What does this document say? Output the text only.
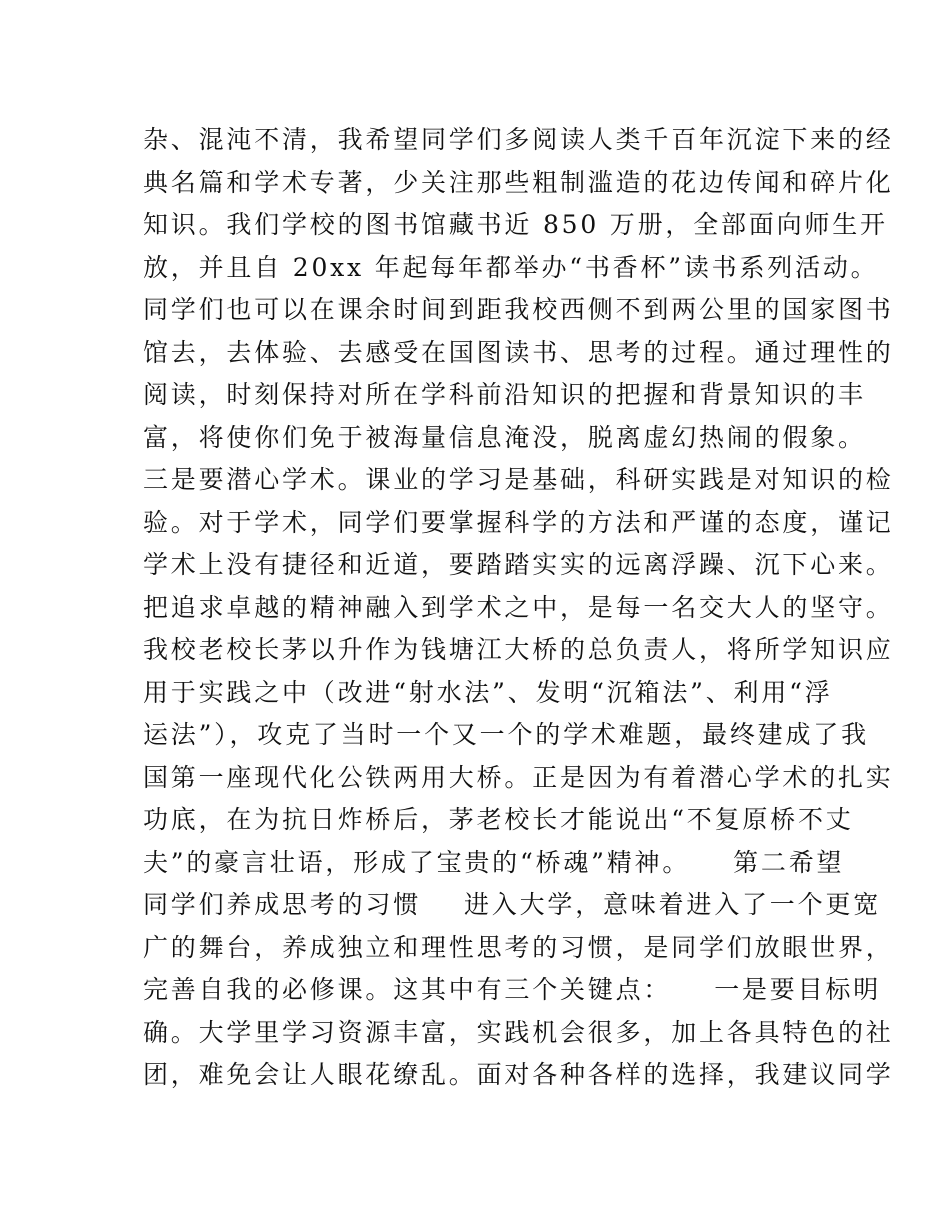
杂、混沌不清，我希望同学们多阅读人类千百年沉淀下来的经
典名篇和学术专著，少关注那些粗制滥造的花边传闻和碎片化
知识。我们学校的图书馆藏书近 850 万册，全部面向师生开
放，并且自 20xx 年起每年都举办“书香杯”读书系列活动。
同学们也可以在课余时间到距我校西侧不到两公里的国家图书
馆去，去体验、去感受在国图读书、思考的过程。通过理性的
阅读，时刻保持对所在学科前沿知识的把握和背景知识的丰
富，将使你们免于被海量信息淹没，脱离虚幻热闹的假象。
三是要潜心学术。课业的学习是基础，科研实践是对知识的检
验。对于学术，同学们要掌握科学的方法和严谨的态度，谨记
学术上没有捷径和近道，要踏踏实实的远离浮躁、沉下心来。
把追求卓越的精神融入到学术之中，是每一名交大人的坚守。
我校老校长茅以升作为钱塘江大桥的总负责人，将所学知识应
用于实践之中（改进“射水法”、发明“沉箱法”、利用“浮
运法”），攻克了当时一个又一个的学术难题，最终建成了我
国第一座现代化公铁两用大桥。正是因为有着潜心学术的扎实
功底，在为抗日炸桥后，茅老校长才能说出“不复原桥不丈
夫”的豪言壮语，形成了宝贵的“桥魂”精神。    第二希望
同学们养成思考的习惯    进入大学，意味着进入了一个更宽
广的舞台，养成独立和理性思考的习惯，是同学们放眼世界，
完善自我的必修课。这其中有三个关键点：    一是要目标明
确。大学里学习资源丰富，实践机会很多，加上各具特色的社
团，难免会让人眼花缭乱。面对各种各样的选择，我建议同学
